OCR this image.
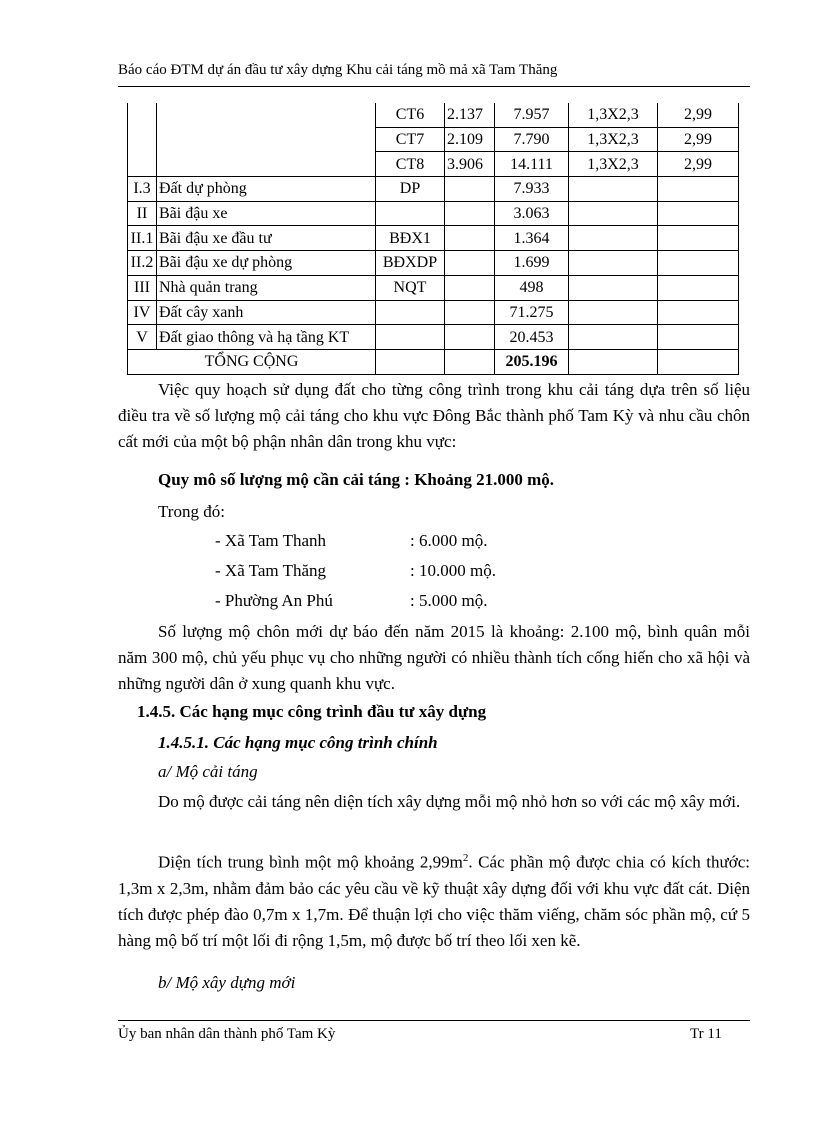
Báo cáo ĐTM dự án đầu tư xây dựng Khu cải táng mồ mả xã Tam Thăng
		CT6	2.137	7.957	1,3X2,3	2,99
		CT7	2.109	7.790	1,3X2,3	2,99
		CT8	3.906	14.111	1,3X2,3	2,99
I.3	Đất dự phòng	DP		7.933		
II	Bãi đậu xe			3.063		
II.1	Bãi đậu xe đầu tư	BĐX1		1.364		
II.2	Bãi đậu xe dự phòng	BĐXDP		1.699		
III	Nhà quản trang	NQT		498		
IV	Đất cây xanh			71.275		
V	Đất giao thông và hạ tầng KT			20.453		
TỔNG CỘNG				205.196		
Việc quy hoạch sử dụng đất cho từng công trình trong khu cải táng dựa trên số liệu điều tra về số lượng mộ cải táng cho khu vực Đông Bắc thành phố Tam Kỳ và nhu cầu chôn cất mới của một bộ phận nhân dân trong khu vực:
Quy mô số lượng mộ cần cải táng : Khoảng 21.000 mộ.
Trong đó:
- Xã Tam Thanh	: 6.000 mộ.
- Xã Tam Thăng	: 10.000 mộ.
- Phường An Phú	: 5.000 mộ.
Số lượng mộ chôn mới dự báo đến năm 2015 là khoảng: 2.100 mộ, bình quân mỗi năm 300 mộ, chủ yếu phục vụ cho những người có nhiều thành tích cống hiến cho xã hội và những người dân ở xung quanh khu vực.
1.4.5. Các hạng mục công trình đầu tư xây dựng
1.4.5.1. Các hạng mục công trình chính
a/ Mộ cải táng
Do mộ được cải táng nên diện tích xây dựng mỗi mộ nhỏ hơn so với các mộ xây mới.
Diện tích trung bình một mộ khoảng $2,99m^2$. Các phần mộ được chia có kích thước: 1,3m x 2,3m, nhằm đảm bảo các yêu cầu về kỹ thuật xây dựng đối với khu vực đất cát. Diện tích được phép đào 0,7m x 1,7m. Để thuận lợi cho việc thăm viếng, chăm sóc phần mộ, cứ 5 hàng mộ bố trí một lối đi rộng 1,5m, mộ được bố trí theo lối xen kẽ.
b/ Mộ xây dựng mới
Ủy ban nhân dân thành phố Tam Kỳ	Tr 11
